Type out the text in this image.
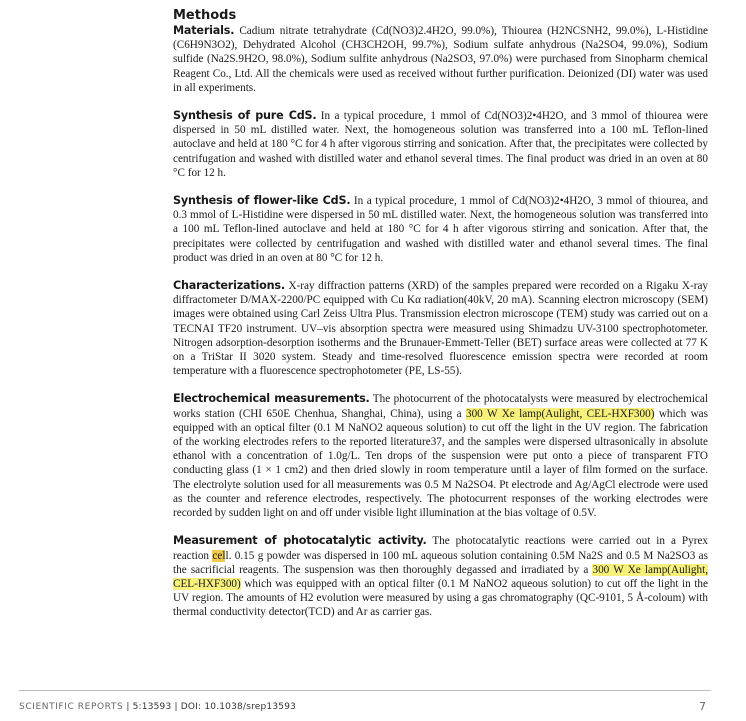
Methods

Materials. Cadium nitrate tetrahydrate (Cd(NO3)2.4H2O, 99.0%), Thiourea (H2NCSNH2, 99.0%), L-Histidine (C6H9N3O2), Dehydrated Alcohol (CH3CH2OH, 99.7%), Sodium sulfate anhydrous (Na2SO4, 99.0%), Sodium sulfide (Na2S.9H2O, 98.0%), Sodium sulfite anhydrous (Na2SO3, 97.0%) were purchased from Sinopharm chemical Reagent Co., Ltd. All the chemicals were used as received without further purification. Deionized (DI) water was used in all experiments.

Synthesis of pure CdS. In a typical procedure, 1 mmol of Cd(NO3)2•4H2O, and 3 mmol of thiourea were dispersed in 50 mL distilled water. Next, the homogeneous solution was transferred into a 100 mL Teflon-lined autoclave and held at 180 °C for 4 h after vigorous stirring and sonication. After that, the precipitates were collected by centrifugation and washed with distilled water and ethanol several times. The final product was dried in an oven at 80 °C for 12 h.

Synthesis of flower-like CdS. In a typical procedure, 1 mmol of Cd(NO3)2•4H2O, 3 mmol of thiourea, and 0.3 mmol of L-Histidine were dispersed in 50 mL distilled water. Next, the homogeneous solution was transferred into a 100 mL Teflon-lined autoclave and held at 180 °C for 4 h after vigorous stirring and sonication. After that, the precipitates were collected by centrifugation and washed with distilled water and ethanol several times. The final product was dried in an oven at 80 °C for 12 h.

Characterizations. X-ray diffraction patterns (XRD) of the samples prepared were recorded on a Rigaku X-ray diffractometer D/MAX-2200/PC equipped with Cu Kα radiation(40kV, 20 mA). Scanning electron microscopy (SEM) images were obtained using Carl Zeiss Ultra Plus. Transmission electron microscope (TEM) study was carried out on a TECNAI TF20 instrument. UV–vis absorption spectra were measured using Shimadzu UV-3100 spectrophotometer. Nitrogen adsorption-desorption isotherms and the Brunauer-Emmett-Teller (BET) surface areas were collected at 77 K on a TriStar II 3020 system. Steady and time-resolved fluorescence emission spectra were recorded at room temperature with a fluorescence spectrophotometer (PE, LS-55).

Electrochemical measurements. The photocurrent of the photocatalysts were measured by electrochemical works station (CHI 650E Chenhua, Shanghai, China), using a 300 W Xe lamp(Aulight, CEL-HXF300) which was equipped with an optical filter (0.1 M NaNO2 aqueous solution) to cut off the light in the UV region. The fabrication of the working electrodes refers to the reported literature37, and the samples were dispersed ultrasonically in absolute ethanol with a concentration of 1.0g/L. Ten drops of the suspension were put onto a piece of transparent FTO conducting glass (1 × 1 cm2) and then dried slowly in room temperature until a layer of film formed on the surface. The electrolyte solution used for all measurements was 0.5 M Na2SO4. Pt electrode and Ag/AgCl electrode were used as the counter and reference electrodes, respectively. The photocurrent responses of the working electrodes were recorded by sudden light on and off under visible light illumination at the bias voltage of 0.5V.

Measurement of photocatalytic activity. The photocatalytic reactions were carried out in a Pyrex reaction cell. 0.15 g powder was dispersed in 100 mL aqueous solution containing 0.5M Na2S and 0.5 M Na2SO3 as the sacrificial reagents. The suspension was then thoroughly degassed and irradiated by a 300 W Xe lamp(Aulight, CEL-HXF300) which was equipped with an optical filter (0.1 M NaNO2 aqueous solution) to cut off the light in the UV region. The amounts of H2 evolution were measured by using a gas chromatography (QC-9101, 5 Å-coloum) with thermal conductivity detector(TCD) and Ar as carrier gas.

SCIENTIFIC REPORTS | 5:13593 | DOI: 10.1038/srep13593	7
